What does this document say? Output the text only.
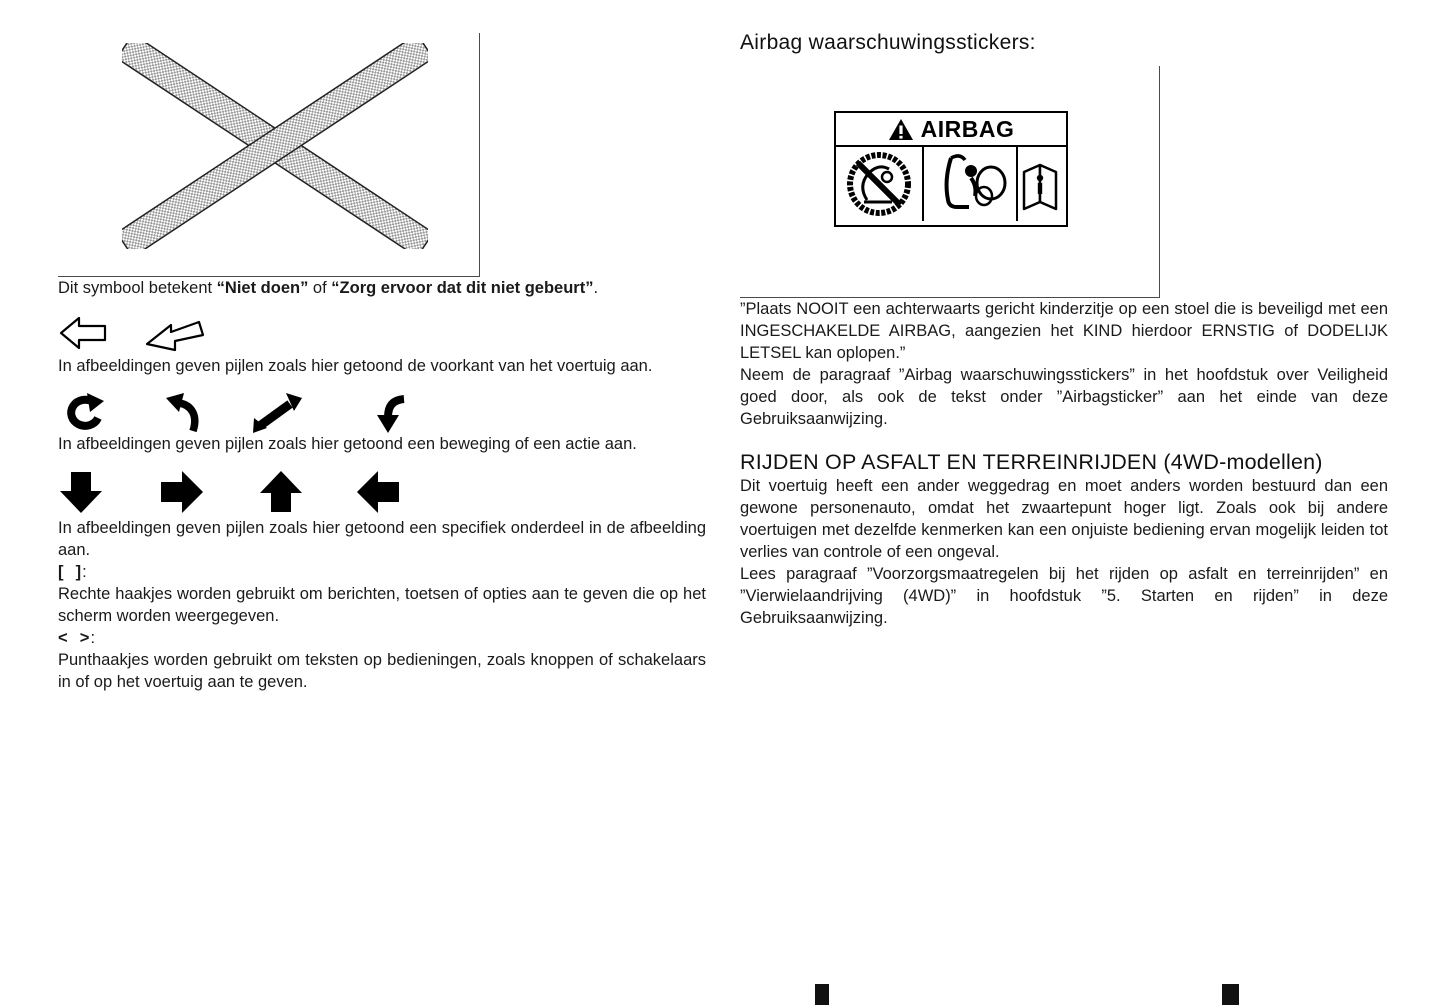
Dit symbool betekent “Niet doen” of “Zorg ervoor dat dit niet gebeurt”.

In afbeeldingen geven pijlen zoals hier getoond de voorkant van het voertuig aan.

In afbeeldingen geven pijlen zoals hier getoond een beweging of een actie aan.

In afbeeldingen geven pijlen zoals hier getoond een specifiek onderdeel in de afbeelding aan.

[  ]:

Rechte haakjes worden gebruikt om berichten, toetsen of opties aan te geven die op het scherm worden weergegeven.

<  >:

Punthaakjes worden gebruikt om teksten op bedieningen, zoals knoppen of schakelaars in of op het voertuig aan te geven.

Airbag waarschuwingsstickers:
AIRBAG

”Plaats NOOIT een achterwaarts gericht kinderzitje op een stoel die is beveiligd met een INGESCHAKELDE AIRBAG, aangezien het KIND hierdoor ERNSTIG of DODELIJK LETSEL kan oplopen.”

Neem de paragraaf ”Airbag waarschuwingsstickers” in het hoofdstuk over Veiligheid goed door, als ook de tekst onder ”Airbagsticker” aan het einde van deze Gebruiksaanwijzing.

RIJDEN OP ASFALT EN TERREINRIJDEN (4WD-modellen)

Dit voertuig heeft een ander weggedrag en moet anders worden bestuurd dan een gewone personenauto, omdat het zwaartepunt hoger ligt. Zoals ook bij andere voertuigen met dezelfde kenmerken kan een onjuiste bediening ervan mogelijk leiden tot verlies van controle of een ongeval.

Lees paragraaf ”Voorzorgsmaatregelen bij het rijden op asfalt en terreinrijden” en ”Vierwielaandrijving (4WD)” in hoofdstuk ”5. Starten en rijden” in deze Gebruiksaanwijzing.
